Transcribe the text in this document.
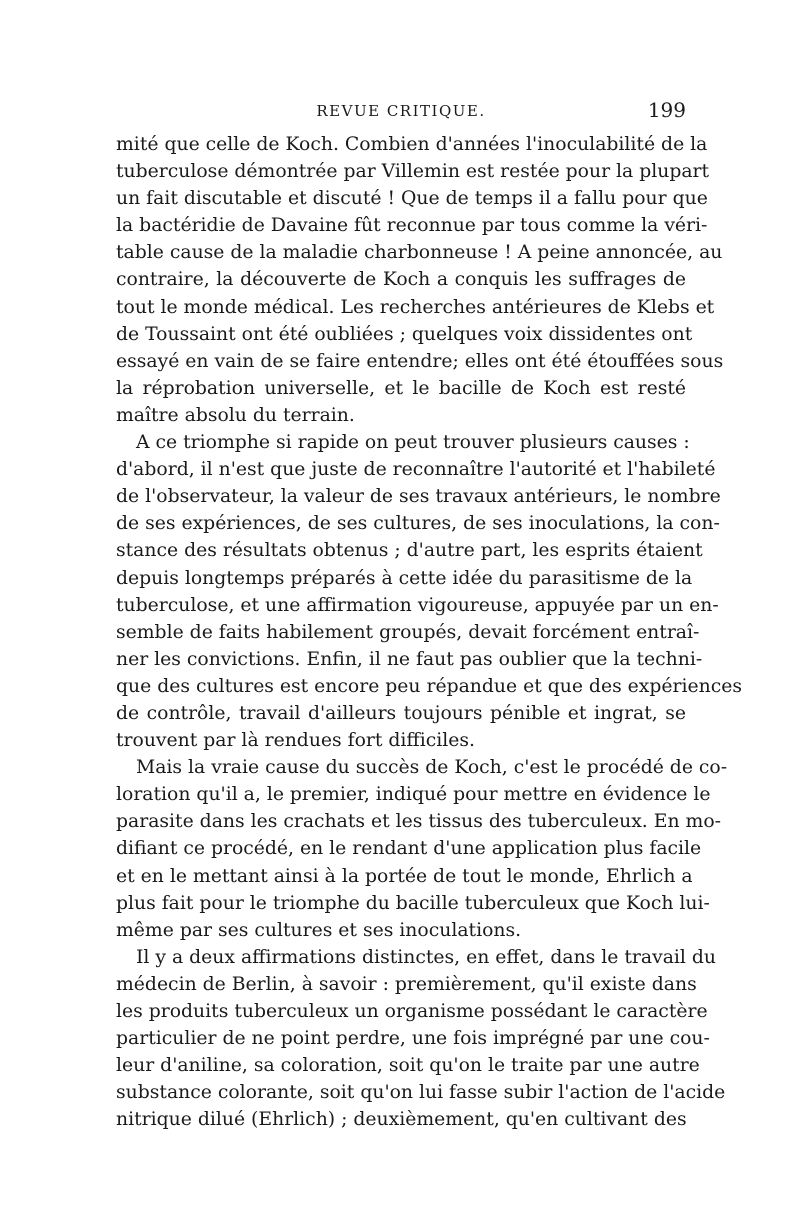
REVUE CRITIQUE.	199
mité que celle de Koch. Combien d'années l'inoculabilité de la
tuberculose démontrée par Villemin est restée pour la plupart
un fait discutable et discuté ! Que de temps il a fallu pour que
la bactéridie de Davaine fût reconnue par tous comme la véri-
table cause de la maladie charbonneuse ! A peine annoncée, au
contraire, la découverte de Koch a conquis les suffrages de
tout le monde médical. Les recherches antérieures de Klebs et
de Toussaint ont été oubliées ; quelques voix dissidentes ont
essayé en vain de se faire entendre; elles ont été étouffées sous
la réprobation universelle, et le bacille de Koch est resté
maître absolu du terrain.
A ce triomphe si rapide on peut trouver plusieurs causes :
d'abord, il n'est que juste de reconnaître l'autorité et l'habileté
de l'observateur, la valeur de ses travaux antérieurs, le nombre
de ses expériences, de ses cultures, de ses inoculations, la con-
stance des résultats obtenus ; d'autre part, les esprits étaient
depuis longtemps préparés à cette idée du parasitisme de la
tuberculose, et une affirmation vigoureuse, appuyée par un en-
semble de faits habilement groupés, devait forcément entraî-
ner les convictions. Enfin, il ne faut pas oublier que la techni-
que des cultures est encore peu répandue et que des expériences
de contrôle, travail d'ailleurs toujours pénible et ingrat, se
trouvent par là rendues fort difficiles.
Mais la vraie cause du succès de Koch, c'est le procédé de co-
loration qu'il a, le premier, indiqué pour mettre en évidence le
parasite dans les crachats et les tissus des tuberculeux. En mo-
difiant ce procédé, en le rendant d'une application plus facile
et en le mettant ainsi à la portée de tout le monde, Ehrlich a
plus fait pour le triomphe du bacille tuberculeux que Koch lui-
même par ses cultures et ses inoculations.
Il y a deux affirmations distinctes, en effet, dans le travail du
médecin de Berlin, à savoir : premièrement, qu'il existe dans
les produits tuberculeux un organisme possédant le caractère
particulier de ne point perdre, une fois imprégné par une cou-
leur d'aniline, sa coloration, soit qu'on le traite par une autre
substance colorante, soit qu'on lui fasse subir l'action de l'acide
nitrique dilué (Ehrlich) ; deuxièmement, qu'en cultivant des
